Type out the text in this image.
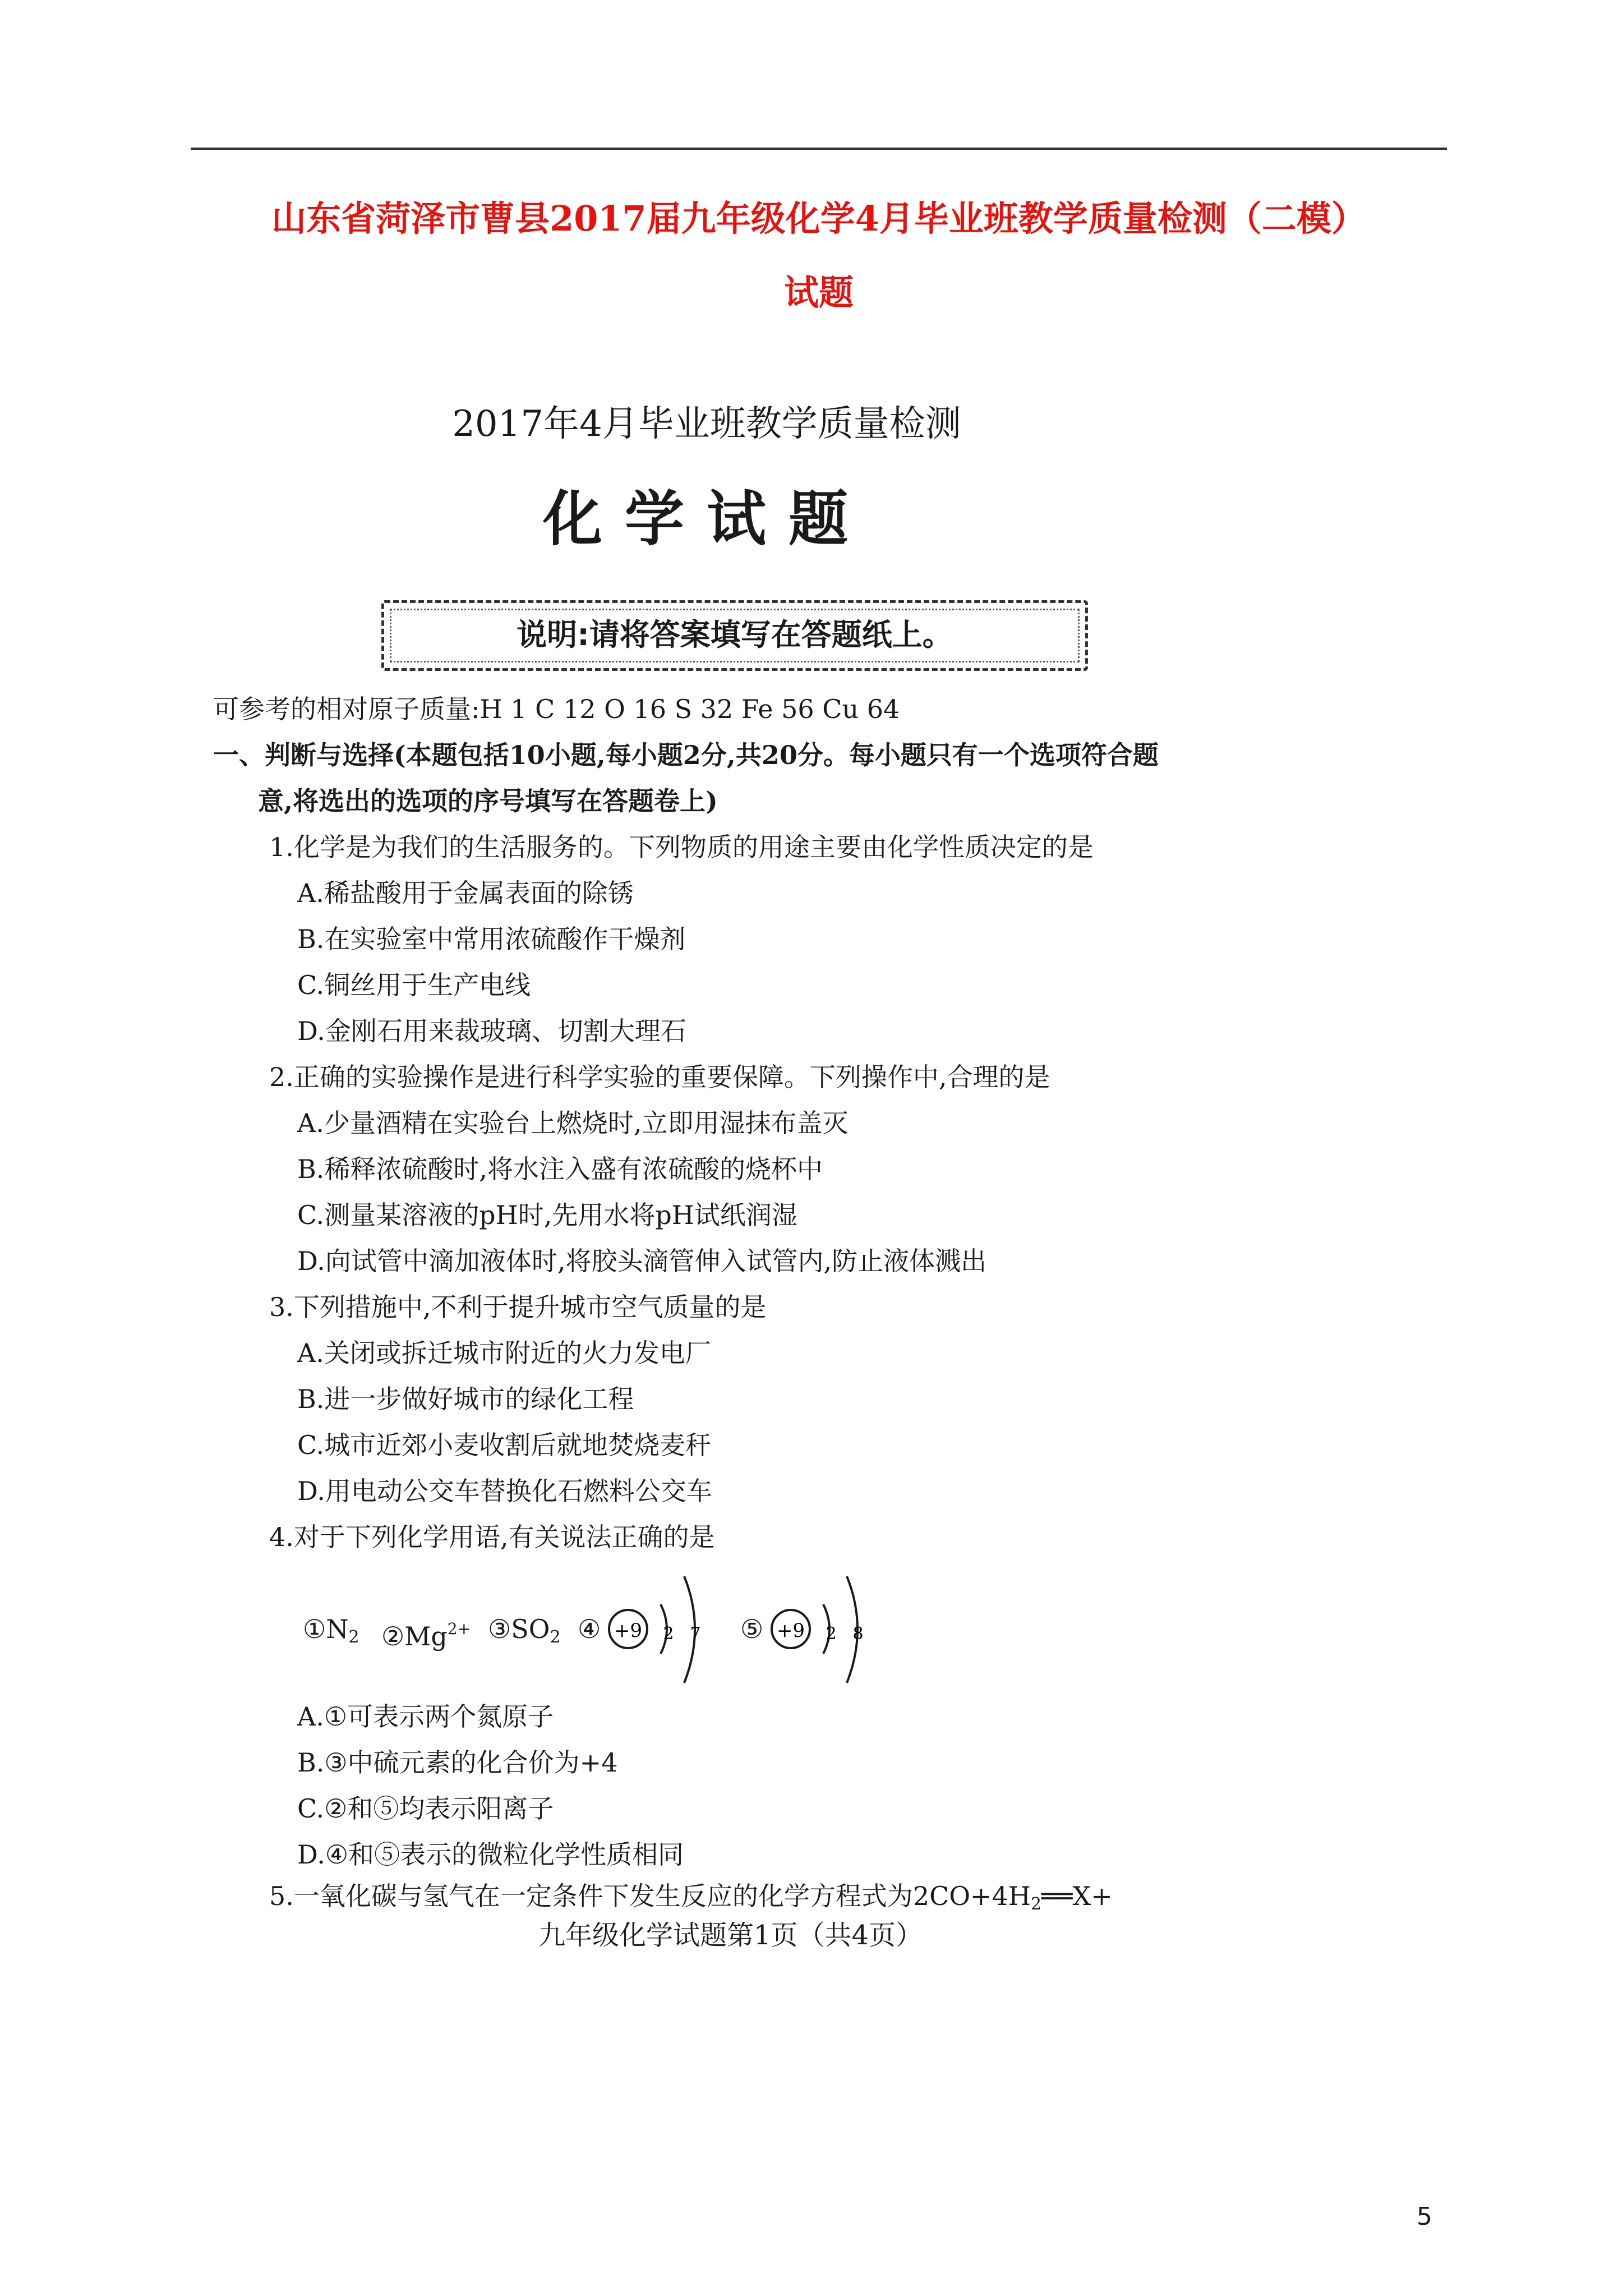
山东省菏泽市曹县2017届九年级化学4月毕业班教学质量检测（二模）
试题
2017年4月毕业班教学质量检测
化学试题
说明:请将答案填写在答题纸上。

可参考的相对原子质量:H 1 C 12 O 16 S 32 Fe 56 Cu 64

一、判断与选择(本题包括10小题,每小题2分,共20分。每小题只有一个选项符合题

意,将选出的选项的序号填写在答题卷上)

1.化学是为我们的生活服务的。下列物质的用途主要由化学性质决定的是

A.稀盐酸用于金属表面的除锈

B.在实验室中常用浓硫酸作干燥剂

C.铜丝用于生产电线

D.金刚石用来裁玻璃、切割大理石

2.正确的实验操作是进行科学实验的重要保障。下列操作中,合理的是

A.少量酒精在实验台上燃烧时,立即用湿抹布盖灭

B.稀释浓硫酸时,将水注入盛有浓硫酸的烧杯中

C.测量某溶液的pH时,先用水将pH试纸润湿

D.向试管中滴加液体时,将胶头滴管伸入试管内,防止液体溅出

3.下列措施中,不利于提升城市空气质量的是

A.关闭或拆迁城市附近的火力发电厂

B.进一步做好城市的绿化工程

C.城市近郊小麦收割后就地焚烧麦秆

D.用电动公交车替换化石燃料公交车

4.对于下列化学用语,有关说法正确的是

$①N_2$ $②Mg^{2+}$ $③SO_2$ ④ +9 2 7 ⑤ +9 2 8

A.①可表示两个氮原子

B.③中硫元素的化合价为+4

C.②和⑤均表示阳离子

D.④和⑤表示的微粒化学性质相同

5.一氧化碳与氢气在一定条件下发生反应的化学方程式为$2CO+4H_2══X+$

九年级化学试题第1页（共4页）
5
